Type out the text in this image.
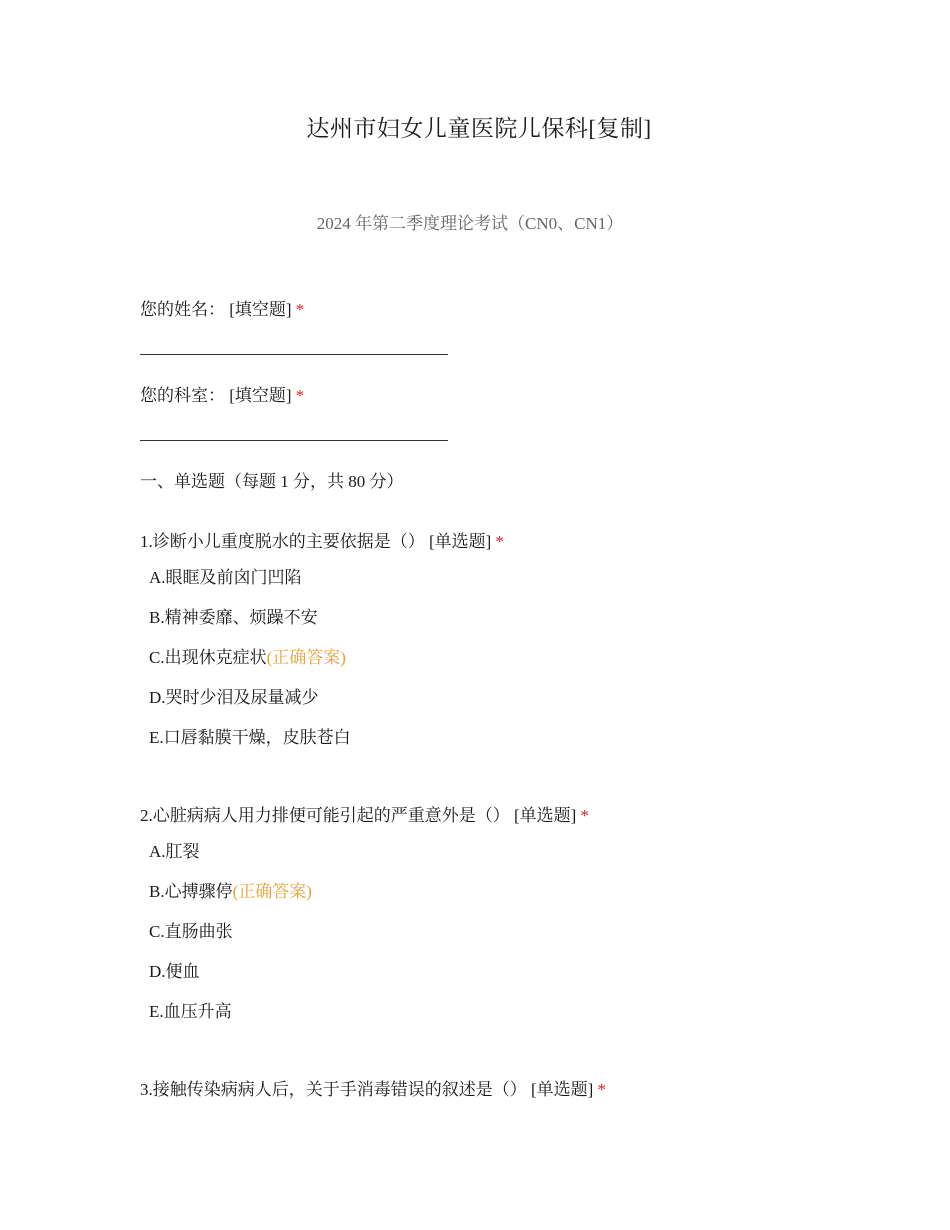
达州市妇女儿童医院儿保科[复制]
2024 年第二季度理论考试（CN0、CN1）
您的姓名： [填空题] *
您的科室： [填空题] *
一、单选题（每题 1 分，共 80 分）
1.诊断小儿重度脱水的主要依据是（） [单选题] *
A.眼眶及前囟门凹陷
B.精神委靡、烦躁不安
C.出现休克症状(正确答案)
D.哭时少泪及尿量减少
E.口唇黏膜干燥，皮肤苍白
2.心脏病病人用力排便可能引起的严重意外是（） [单选题] *
A.肛裂
B.心搏骤停(正确答案)
C.直肠曲张
D.便血
E.血压升高
3.接触传染病病人后，关于手消毒错误的叙述是（） [单选题] *
